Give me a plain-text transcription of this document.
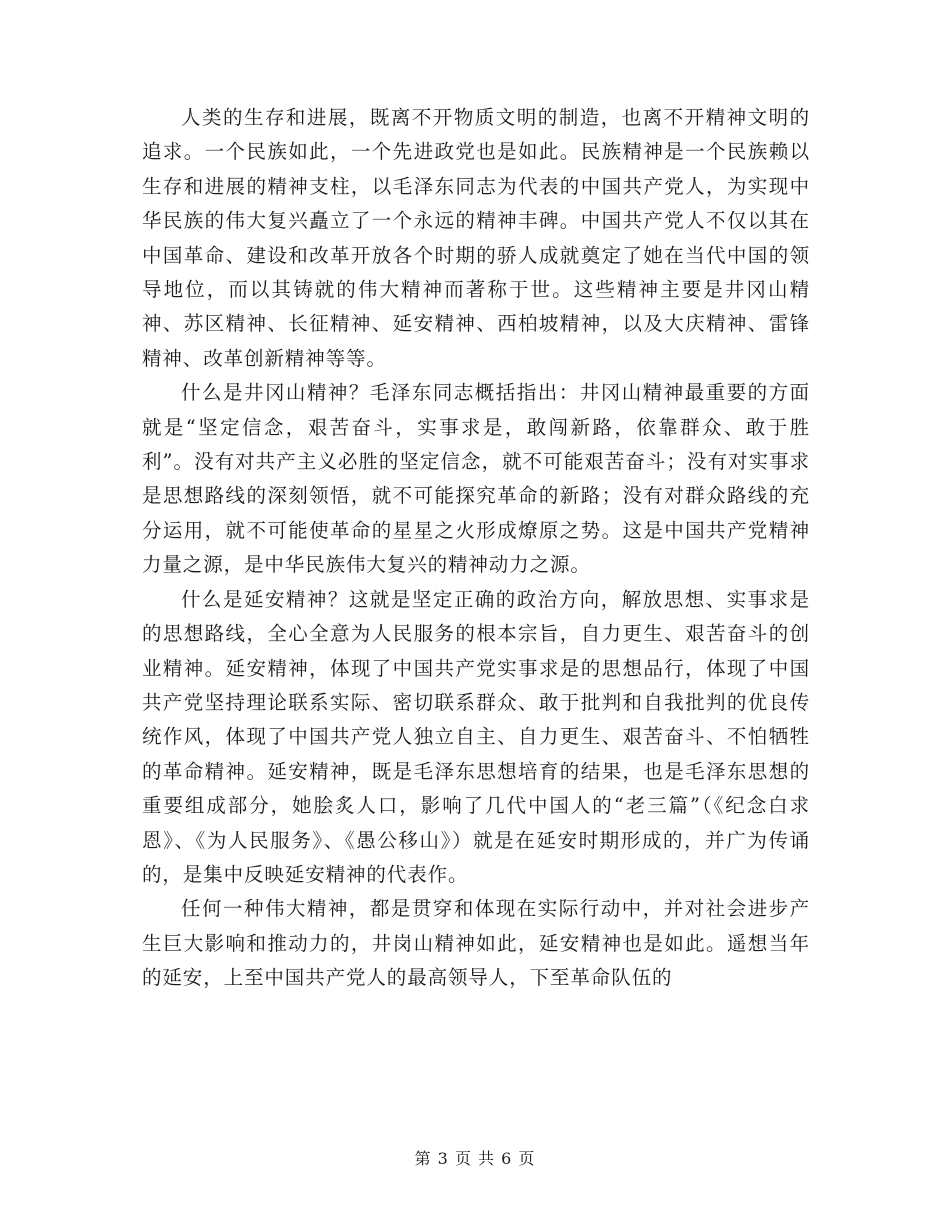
人类的生存和进展，既离不开物质文明的制造，也离不开精神文明的追求。一个民族如此，一个先进政党也是如此。民族精神是一个民族赖以生存和进展的精神支柱，以毛泽东同志为代表的中国共产党人，为实现中华民族的伟大复兴矗立了一个永远的精神丰碑。中国共产党人不仅以其在中国革命、建设和改革开放各个时期的骄人成就奠定了她在当代中国的领导地位，而以其铸就的伟大精神而著称于世。这些精神主要是井冈山精神、苏区精神、长征精神、延安精神、西柏坡精神，以及大庆精神、雷锋精神、改革创新精神等等。

什么是井冈山精神？毛泽东同志概括指出：井冈山精神最重要的方面就是“坚定信念，艰苦奋斗，实事求是，敢闯新路，依靠群众、敢于胜利”。没有对共产主义必胜的坚定信念，就不可能艰苦奋斗；没有对实事求是思想路线的深刻领悟，就不可能探究革命的新路；没有对群众路线的充分运用，就不可能使革命的星星之火形成燎原之势。这是中国共产党精神力量之源，是中华民族伟大复兴的精神动力之源。

什么是延安精神？这就是坚定正确的政治方向，解放思想、实事求是的思想路线，全心全意为人民服务的根本宗旨，自力更生、艰苦奋斗的创业精神。延安精神，体现了中国共产党实事求是的思想品行，体现了中国共产党坚持理论联系实际、密切联系群众、敢于批判和自我批判的优良传统作风，体现了中国共产党人独立自主、自力更生、艰苦奋斗、不怕牺牲的革命精神。延安精神，既是毛泽东思想培育的结果，也是毛泽东思想的重要组成部分，她脍炙人口，影响了几代中国人的“老三篇”（《纪念白求恩》、《为人民服务》、《愚公移山》）就是在延安时期形成的，并广为传诵的，是集中反映延安精神的代表作。

任何一种伟大精神，都是贯穿和体现在实际行动中，并对社会进步产生巨大影响和推动力的，井岗山精神如此，延安精神也是如此。遥想当年的延安，上至中国共产党人的最高领导人，下至革命队伍的

第 3 页 共 6 页
